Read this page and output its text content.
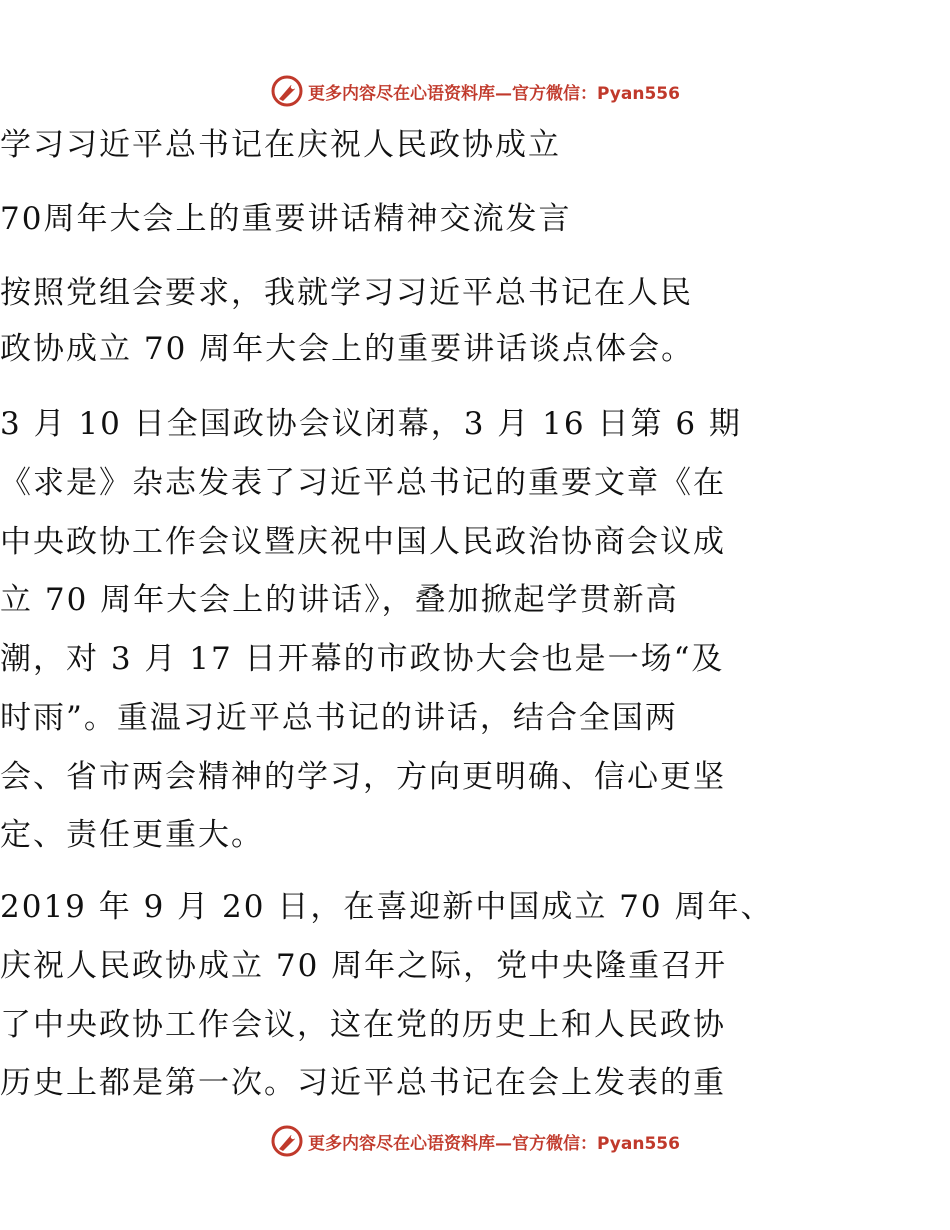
更多内容尽在心语资料库—官方微信：Pyan556
学习习近平总书记在庆祝人民政协成立
70周年大会上的重要讲话精神交流发言
按照党组会要求，我就学习习近平总书记在人民
政协成立 70 周年大会上的重要讲话谈点体会。
3 月 10 日全国政协会议闭幕，3 月 16 日第 6 期
《求是》杂志发表了习近平总书记的重要文章《在
中央政协工作会议暨庆祝中国人民政治协商会议成
立 70 周年大会上的讲话》，叠加掀起学贯新高
潮，对 3 月 17 日开幕的市政协大会也是一场“及
时雨”。重温习近平总书记的讲话，结合全国两
会、省市两会精神的学习，方向更明确、信心更坚
定、责任更重大。
2019 年 9 月 20 日，在喜迎新中国成立 70 周年、
庆祝人民政协成立 70 周年之际，党中央隆重召开
了中央政协工作会议，这在党的历史上和人民政协
历史上都是第一次。习近平总书记在会上发表的重
更多内容尽在心语资料库—官方微信：Pyan556
